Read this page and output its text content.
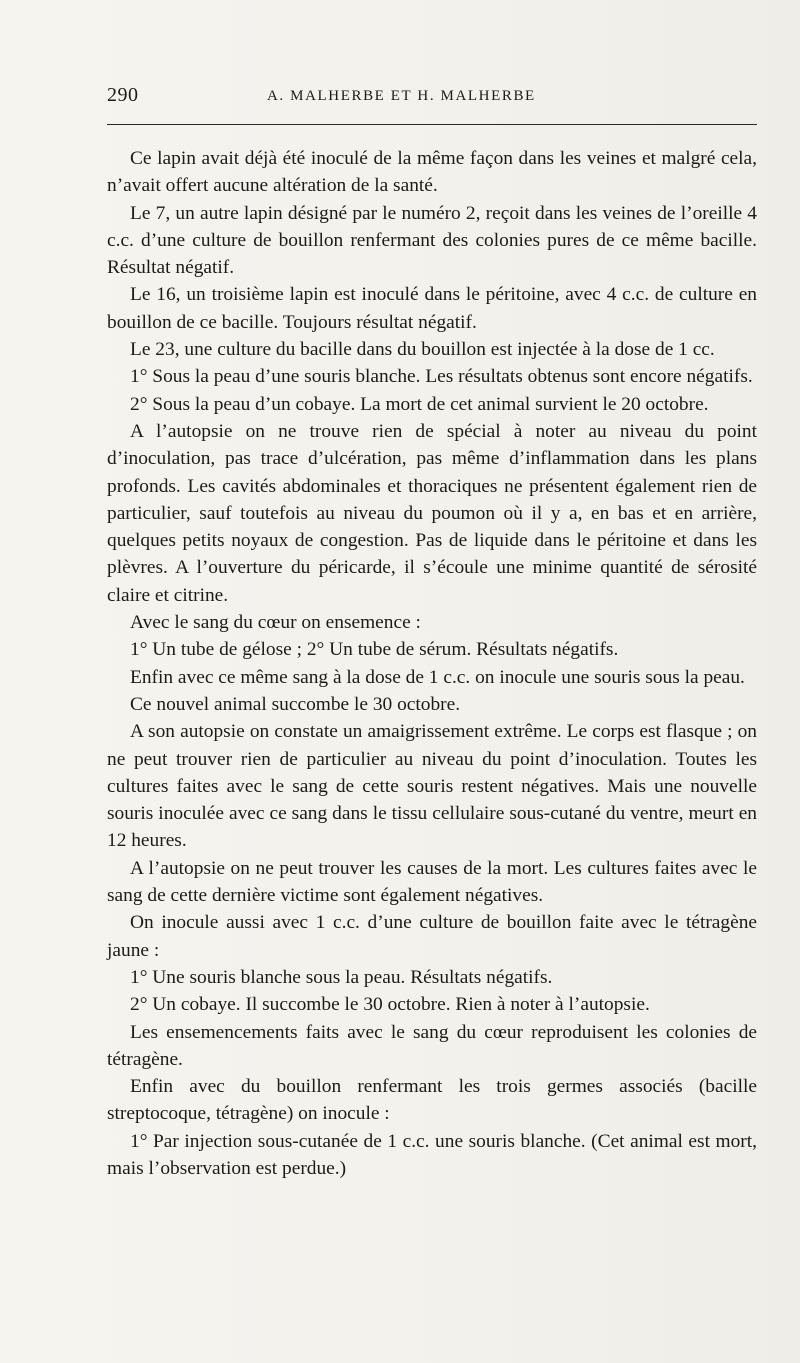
290	A. MALHERBE ET H. MALHERBE

Ce lapin avait déjà été inoculé de la même façon dans les veines et malgré cela, n’avait offert aucune altération de la santé.

Le 7, un autre lapin désigné par le numéro 2, reçoit dans les veines de l’oreille 4 c.c. d’une culture de bouillon renfermant des colonies pures de ce même bacille. Résultat négatif.

Le 16, un troisième lapin est inoculé dans le péritoine, avec 4 c.c. de culture en bouillon de ce bacille. Toujours résultat négatif.

Le 23, une culture du bacille dans du bouillon est injectée à la dose de 1 cc.

1° Sous la peau d’une souris blanche. Les résultats obtenus sont encore négatifs.

2° Sous la peau d’un cobaye. La mort de cet animal survient le 20 octobre.

A l’autopsie on ne trouve rien de spécial à noter au niveau du point d’inoculation, pas trace d’ulcération, pas même d’inflammation dans les plans profonds. Les cavités abdominales et thoraciques ne présentent également rien de particulier, sauf toutefois au niveau du poumon où il y a, en bas et en arrière, quelques petits noyaux de congestion. Pas de liquide dans le péritoine et dans les plèvres. A l’ouverture du péricarde, il s’écoule une minime quantité de sérosité claire et citrine.

Avec le sang du cœur on ensemence :

1° Un tube de gélose ; 2° Un tube de sérum. Résultats négatifs.

Enfin avec ce même sang à la dose de 1 c.c. on inocule une souris sous la peau.

Ce nouvel animal succombe le 30 octobre.

A son autopsie on constate un amaigrissement extrême. Le corps est flasque ; on ne peut trouver rien de particulier au niveau du point d’inoculation. Toutes les cultures faites avec le sang de cette souris restent négatives. Mais une nouvelle souris inoculée avec ce sang dans le tissu cellulaire sous-cutané du ventre, meurt en 12 heures.

A l’autopsie on ne peut trouver les causes de la mort. Les cultures faites avec le sang de cette dernière victime sont également négatives.

On inocule aussi avec 1 c.c. d’une culture de bouillon faite avec le tétragène jaune :

1° Une souris blanche sous la peau. Résultats négatifs.

2° Un cobaye. Il succombe le 30 octobre. Rien à noter à l’autopsie.

Les ensemencements faits avec le sang du cœur reproduisent les colonies de tétragène.

Enfin avec du bouillon renfermant les trois germes associés (bacille streptocoque, tétragène) on inocule :

1° Par injection sous-cutanée de 1 c.c. une souris blanche. (Cet animal est mort, mais l’observation est perdue.)
